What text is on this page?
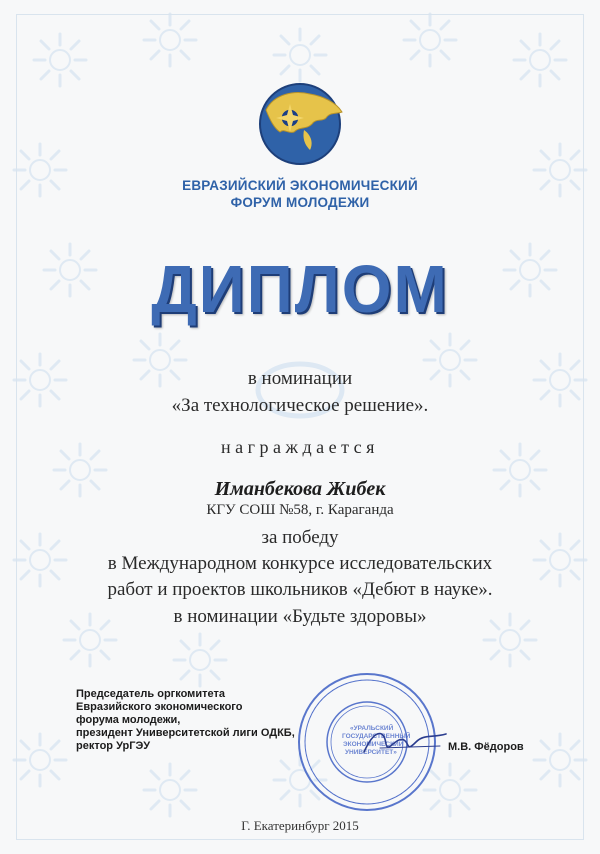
ЕВРАЗИЙСКИЙ ЭКОНОМИЧЕСКИЙ
ФОРУМ МОЛОДЕЖИ
ДИПЛОМ
в номинации
«За технологическое решение».
награждается
Иманбекова Жибек
КГУ СОШ №58, г. Караганда
за победу
в Международном конкурсе исследовательских
работ и проектов школьников «Дебют в науке».
в номинации «Будьте здоровы»
«УРАЛЬСКИЙ
ГОСУДАРСТВЕННЫЙ
ЭКОНОМИЧЕСКИЙ
УНИВЕРСИТЕТ»
Председатель оргкомитета
Евразийского экономического
форума молодежи,
президент Университетской лиги ОДКБ,
ректор УрГЭУ	М.В. Фёдоров
Г. Екатеринбург 2015
